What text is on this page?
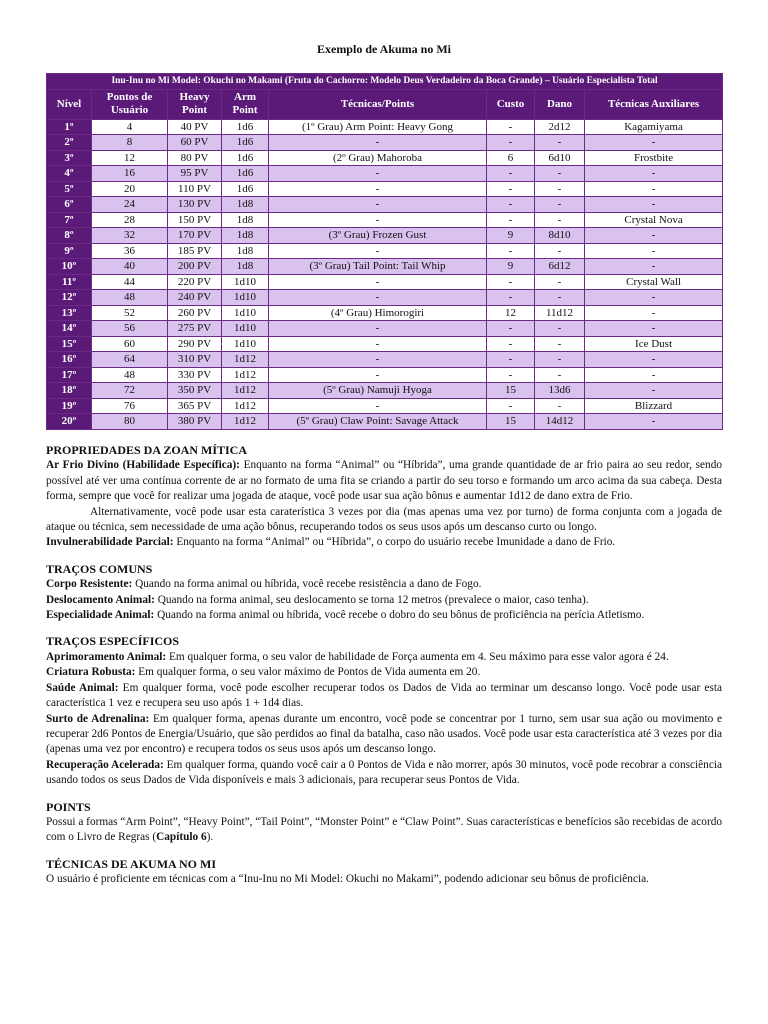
Exemplo de Akuma no Mi
Inu-Inu no Mi Model: Okuchi no Makami (Fruta do Cachorro: Modelo Deus Verdadeiro da Boca Grande) – Usuário Especialista Total							
Nível	Pontos de Usuário	Heavy Point	Arm Point	Técnicas/Points	Custo	Dano	Técnicas Auxiliares
1º	4	40 PV	1d6	(1º Grau) Arm Point: Heavy Gong	-	2d12	Kagamiyama
2º	8	60 PV	1d6	-	-	-	-
3º	12	80 PV	1d6	(2º Grau) Mahoroba	6	6d10	Frostbite
4º	16	95 PV	1d6	-	-	-	-
5º	20	110 PV	1d6	-	-	-	-
6º	24	130 PV	1d8	-	-	-	-
7º	28	150 PV	1d8	-	-	-	Crystal Nova
8º	32	170 PV	1d8	(3º Grau) Frozen Gust	9	8d10	-
9º	36	185 PV	1d8	-	-	-	-
10º	40	200 PV	1d8	(3º Grau) Tail Point: Tail Whip	9	6d12	-
11º	44	220 PV	1d10	-	-	-	Crystal Wall
12º	48	240 PV	1d10	-	-	-	-
13º	52	260 PV	1d10	(4º Grau) Himorogiri	12	11d12	-
14º	56	275 PV	1d10	-	-	-	-
15º	60	290 PV	1d10	-	-	-	Ice Dust
16º	64	310 PV	1d12	-	-	-	-
17º	48	330 PV	1d12	-	-	-	-
18º	72	350 PV	1d12	(5º Grau) Namuji Hyoga	15	13d6	-
19º	76	365 PV	1d12	-	-	-	Blizzard
20º	80	380 PV	1d12	(5º Grau) Claw Point: Savage Attack	15	14d12	-
PROPRIEDADES DA ZOAN MÍTICA

Ar Frio Divino (Habilidade Específica): Enquanto na forma “Animal” ou “Híbrida”, uma grande quantidade de ar frio paira ao seu redor, sendo possível até ver uma contínua corrente de ar no formato de uma fita se criando a partir do seu torso e formando um arco acima da sua cabeça. Desta forma, sempre que você for realizar uma jogada de ataque, você pode usar sua ação bônus e aumentar 1d12 de dano extra de Frio.

Alternativamente, você pode usar esta caraterística 3 vezes por dia (mas apenas uma vez por turno) de forma conjunta com a jogada de ataque ou técnica, sem necessidade de uma ação bônus, recuperando todos os seus usos após um descanso curto ou longo.

Invulnerabilidade Parcial: Enquanto na forma “Animal” ou “Híbrida”, o corpo do usuário recebe Imunidade a dano de Frio.

TRAÇOS COMUNS

Corpo Resistente: Quando na forma animal ou híbrida, você recebe resistência a dano de Fogo.

Deslocamento Animal: Quando na forma animal, seu deslocamento se torna 12 metros (prevalece o maior, caso tenha).

Especialidade Animal: Quando na forma animal ou híbrida, você recebe o dobro do seu bônus de proficiência na perícia Atletismo.

TRAÇOS ESPECÍFICOS

Aprimoramento Animal: Em qualquer forma, o seu valor de habilidade de Força aumenta em 4. Seu máximo para esse valor agora é 24.

Criatura Robusta: Em qualquer forma, o seu valor máximo de Pontos de Vida aumenta em 20.

Saúde Animal: Em qualquer forma, você pode escolher recuperar todos os Dados de Vida ao terminar um descanso longo. Você pode usar esta característica 1 vez e recupera seu uso após 1 + 1d4 dias.

Surto de Adrenalina: Em qualquer forma, apenas durante um encontro, você pode se concentrar por 1 turno, sem usar sua ação ou movimento e recuperar 2d6 Pontos de Energia/Usuário, que são perdidos ao final da batalha, caso não usados. Você pode usar esta característica até 3 vezes por dia (apenas uma vez por encontro) e recupera todos os seus usos após um descanso longo.

Recuperação Acelerada: Em qualquer forma, quando você cair a 0 Pontos de Vida e não morrer, após 30 minutos, você pode recobrar a consciência usando todos os seus Dados de Vida disponíveis e mais 3 adicionais, para recuperar seus Pontos de Vida.

POINTS

Possui a formas “Arm Point”, “Heavy Point”, “Tail Point”, “Monster Point” e “Claw Point”. Suas características e benefícios são recebidas de acordo com o Livro de Regras (Capítulo 6).

TÉCNICAS DE AKUMA NO MI

O usuário é proficiente em técnicas com a “Inu-Inu no Mi Model: Okuchi no Makami”, podendo adicionar seu bônus de proficiência.
